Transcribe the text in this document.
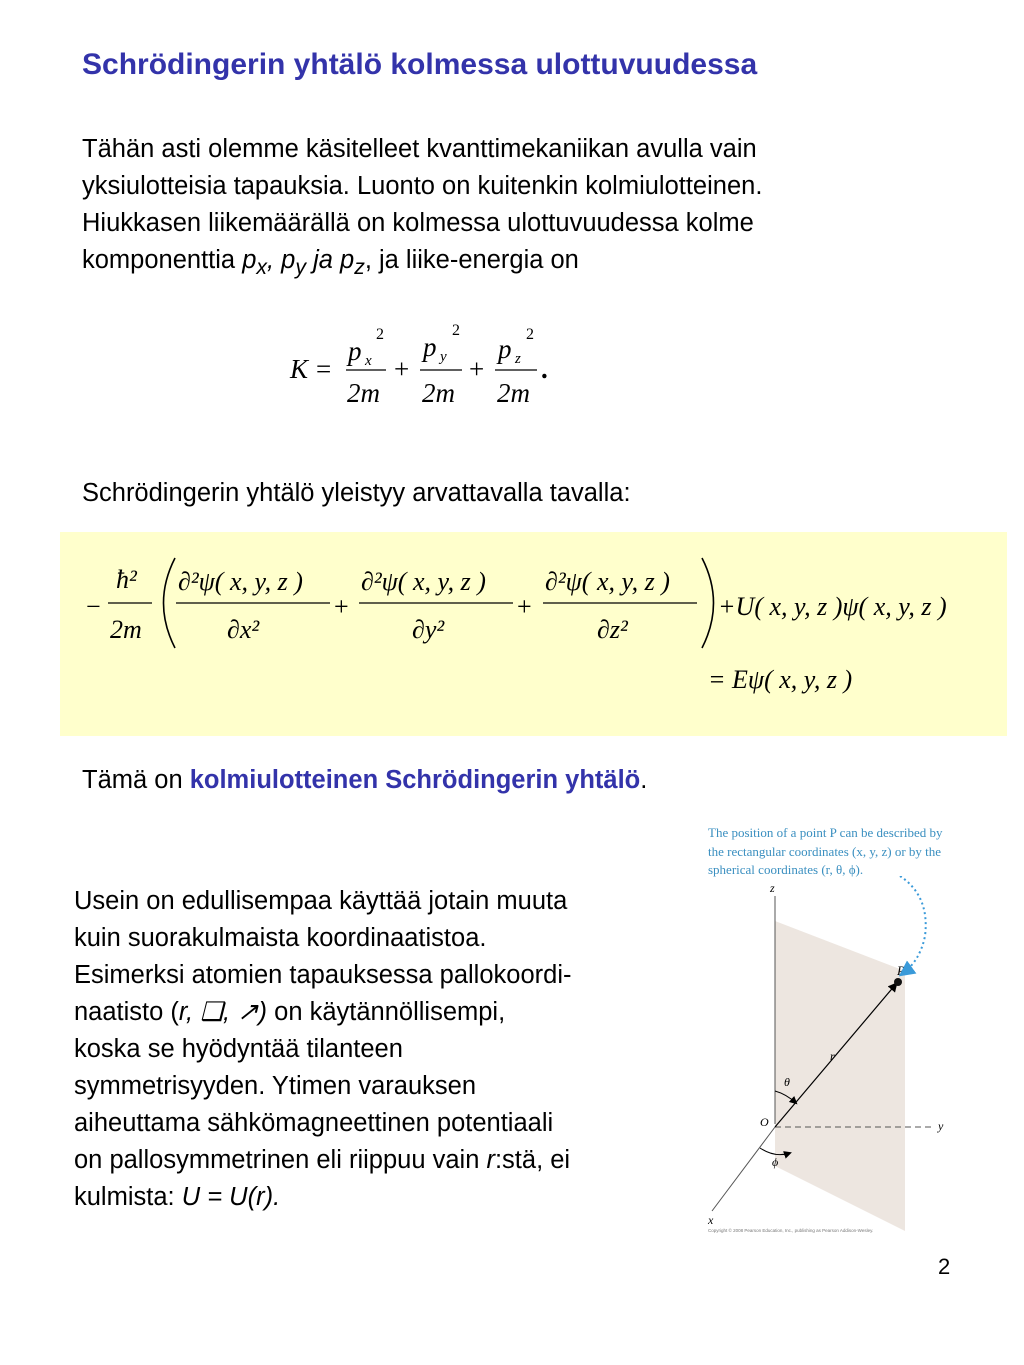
Schrödingerin yhtälö kolmessa ulottuvuudessa
Tähän asti olemme käsitelleet kvanttimekaniikan avulla vain
yksiulotteisia tapauksia. Luonto on kuitenkin kolmiulotteinen.
Hiukkasen liikemäärällä on kolmessa ulottuvuudessa kolme
komponenttia $p_x$, $p_y$ ja $p_z$, ja liike-energia on
K =
p x
2
2m
+
p y
2
2m
+
p z
2
2m
.
Schrödingerin yhtälö yleistyy arvattavalla tavalla:
−
ħ²
2m
∂²ψ( x, y, z )
∂x²
+
∂²ψ( x, y, z )
∂y²
+
∂²ψ( x, y, z )
∂z²
+U( x, y, z )ψ( x, y, z )
= Eψ( x, y, z )
Tämä on kolmiulotteinen Schrödingerin yhtälö.
Usein on edullisempaa käyttää jotain muuta
kuin suorakulmaista koordinaatistoa.
Esimerksi atomien tapauksessa pallokoordi-
naatisto (r, ❑, ↗) on käytännöllisempi,
koska se hyödyntää tilanteen
symmetrisyyden. Ytimen varauksen
aiheuttama sähkömagneettinen potentiaali
on pallosymmetrinen eli riippuu vain r:stä, ei
kulmista: U = U(r).
The position of a point P can be described by
the rectangular coordinates (x, y, z) or by the
spherical coordinates (r, θ, ϕ).
z
y
x
O
P
r
θ
ϕ
Copyright © 2008 Pearson Education, Inc., publishing as Pearson Addison-Wesley.
2
